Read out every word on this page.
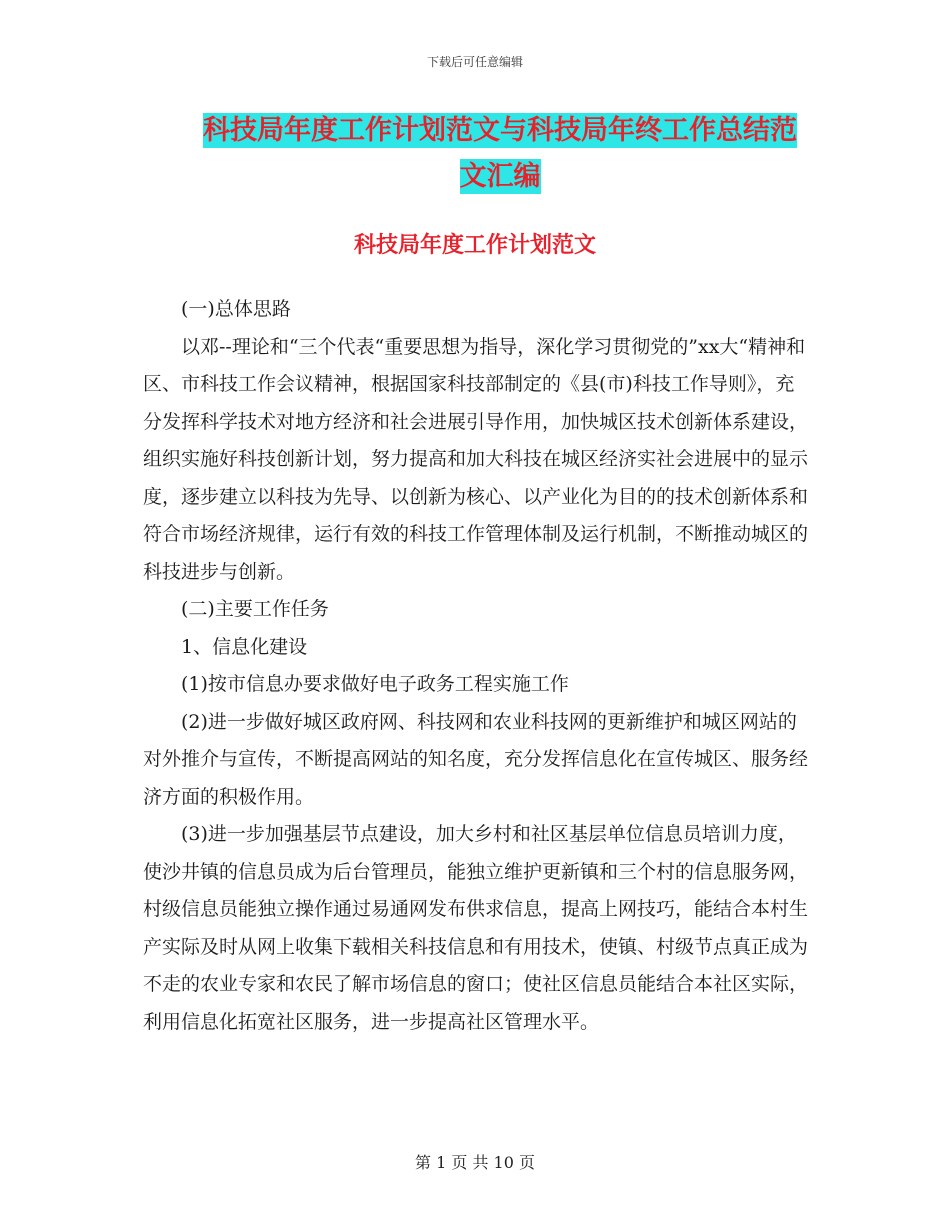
下载后可任意编辑
科技局年度工作计划范文与科技局年终工作总结范文汇编
科技局年度工作计划范文

(一)总体思路

以邓--理论和“三个代表“重要思想为指导，深化学习贯彻党的”xx大“精神和区、市科技工作会议精神，根据国家科技部制定的《县(市)科技工作导则》，充分发挥科学技术对地方经济和社会进展引导作用，加快城区技术创新体系建设，组织实施好科技创新计划，努力提高和加大科技在城区经济实社会进展中的显示度，逐步建立以科技为先导、以创新为核心、以产业化为目的的技术创新体系和符合市场经济规律，运行有效的科技工作管理体制及运行机制，不断推动城区的科技进步与创新。

(二)主要工作任务

1、信息化建设

(1)按市信息办要求做好电子政务工程实施工作

(2)进一步做好城区政府网、科技网和农业科技网的更新维护和城区网站的对外推介与宣传，不断提高网站的知名度，充分发挥信息化在宣传城区、服务经济方面的积极作用。

(3)进一步加强基层节点建设，加大乡村和社区基层单位信息员培训力度，使沙井镇的信息员成为后台管理员，能独立维护更新镇和三个村的信息服务网，村级信息员能独立操作通过易通网发布供求信息，提高上网技巧，能结合本村生产实际及时从网上收集下载相关科技信息和有用技术，使镇、村级节点真正成为不走的农业专家和农民了解市场信息的窗口；使社区信息员能结合本社区实际，利用信息化拓宽社区服务，进一步提高社区管理水平。

第 1 页 共 10 页
